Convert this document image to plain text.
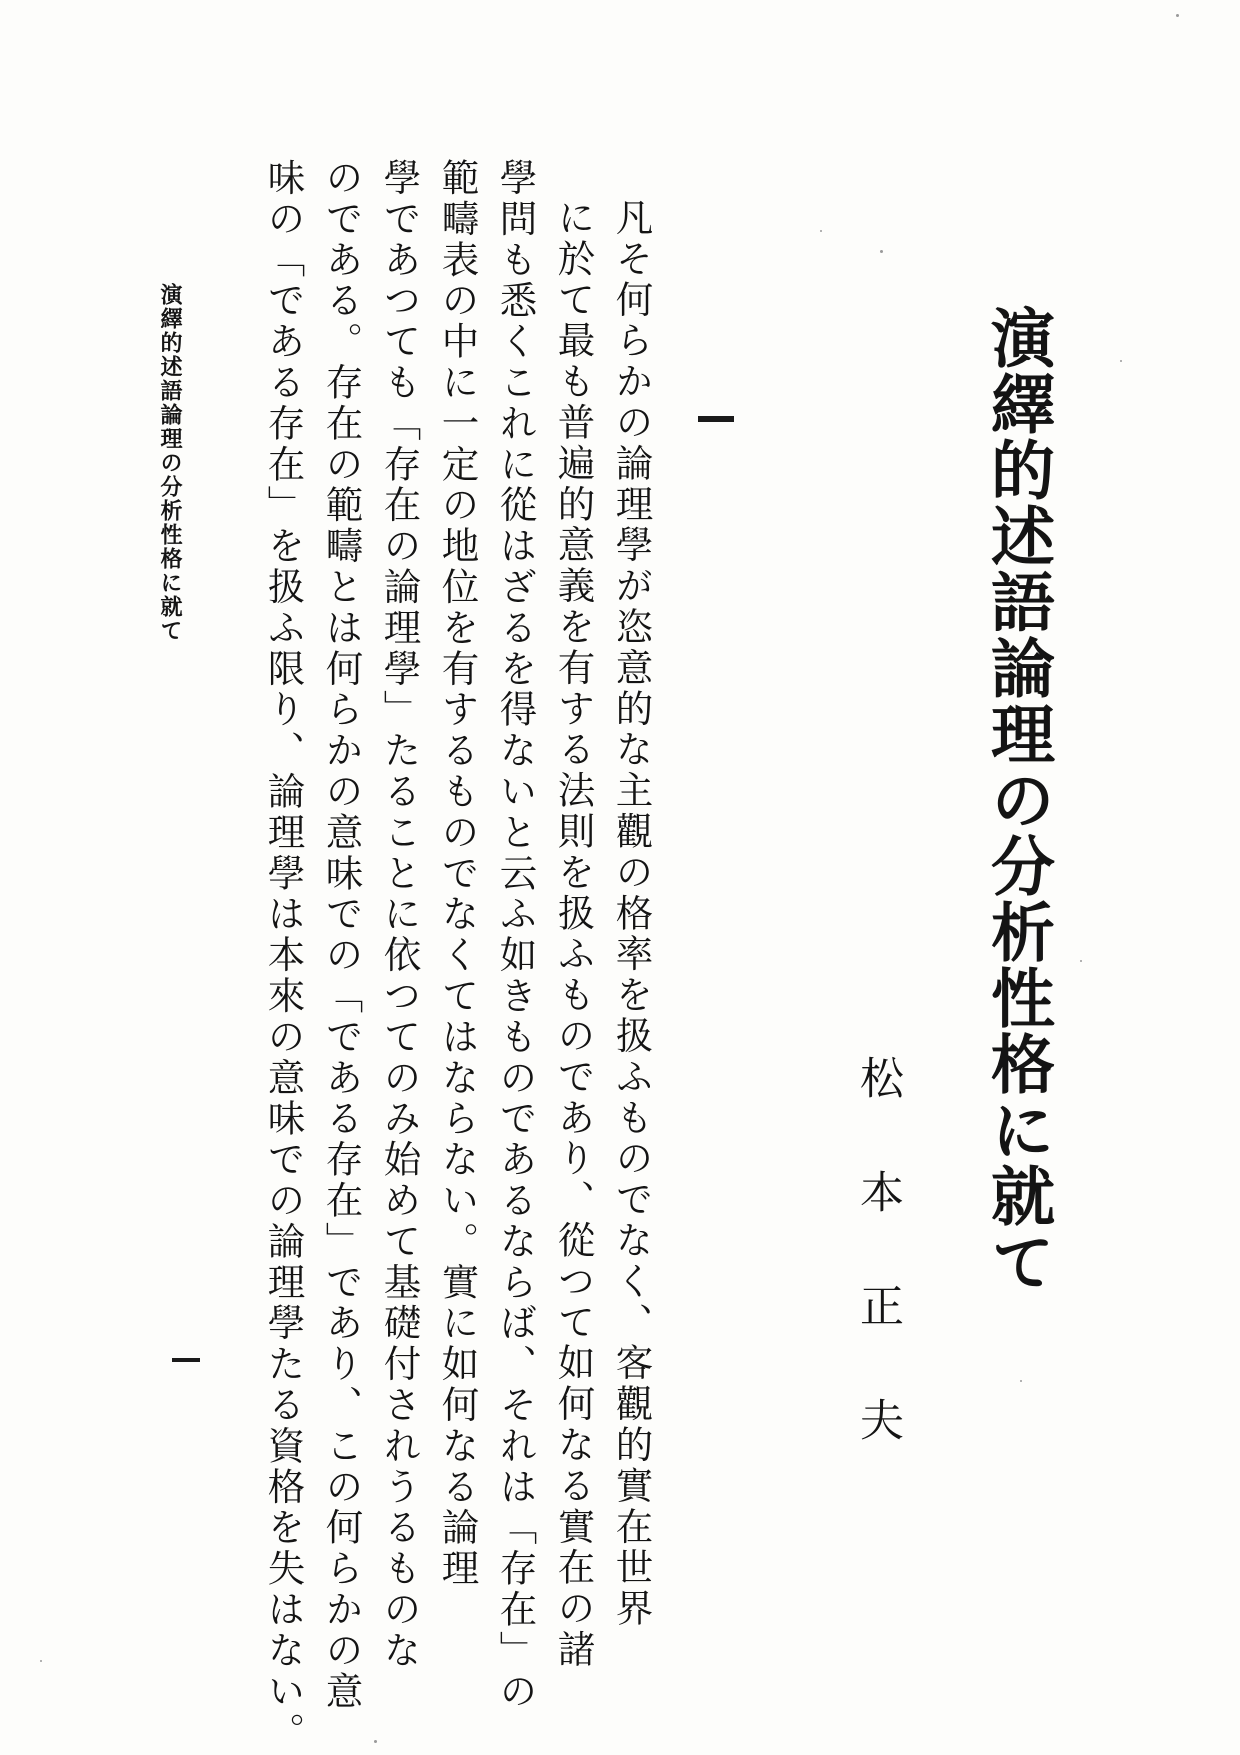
演繹的述語論理の分析性格に就て
松本正夫
凡そ何らかの論理學が恣意的な主觀の格率を扱ふものでなく、客觀的實在世界
に於て最も普遍的意義を有する法則を扱ふものであり、從つて如何なる實在の諸
學問も悉くこれに從はざるを得ないと云ふ如きものであるならば、それは「存在」の
範疇表の中に一定の地位を有するものでなくてはならない。實に如何なる論理
學であつても「存在の論理學」たることに依つてのみ始めて基礎付されうるものな
のである。存在の範疇とは何らかの意味での「である存在」であり、この何らかの意
味の「である存在」を扱ふ限り、論理學は本來の意味での論理學たる資格を失はない。
演繹的述語論理の分析性格に就て
